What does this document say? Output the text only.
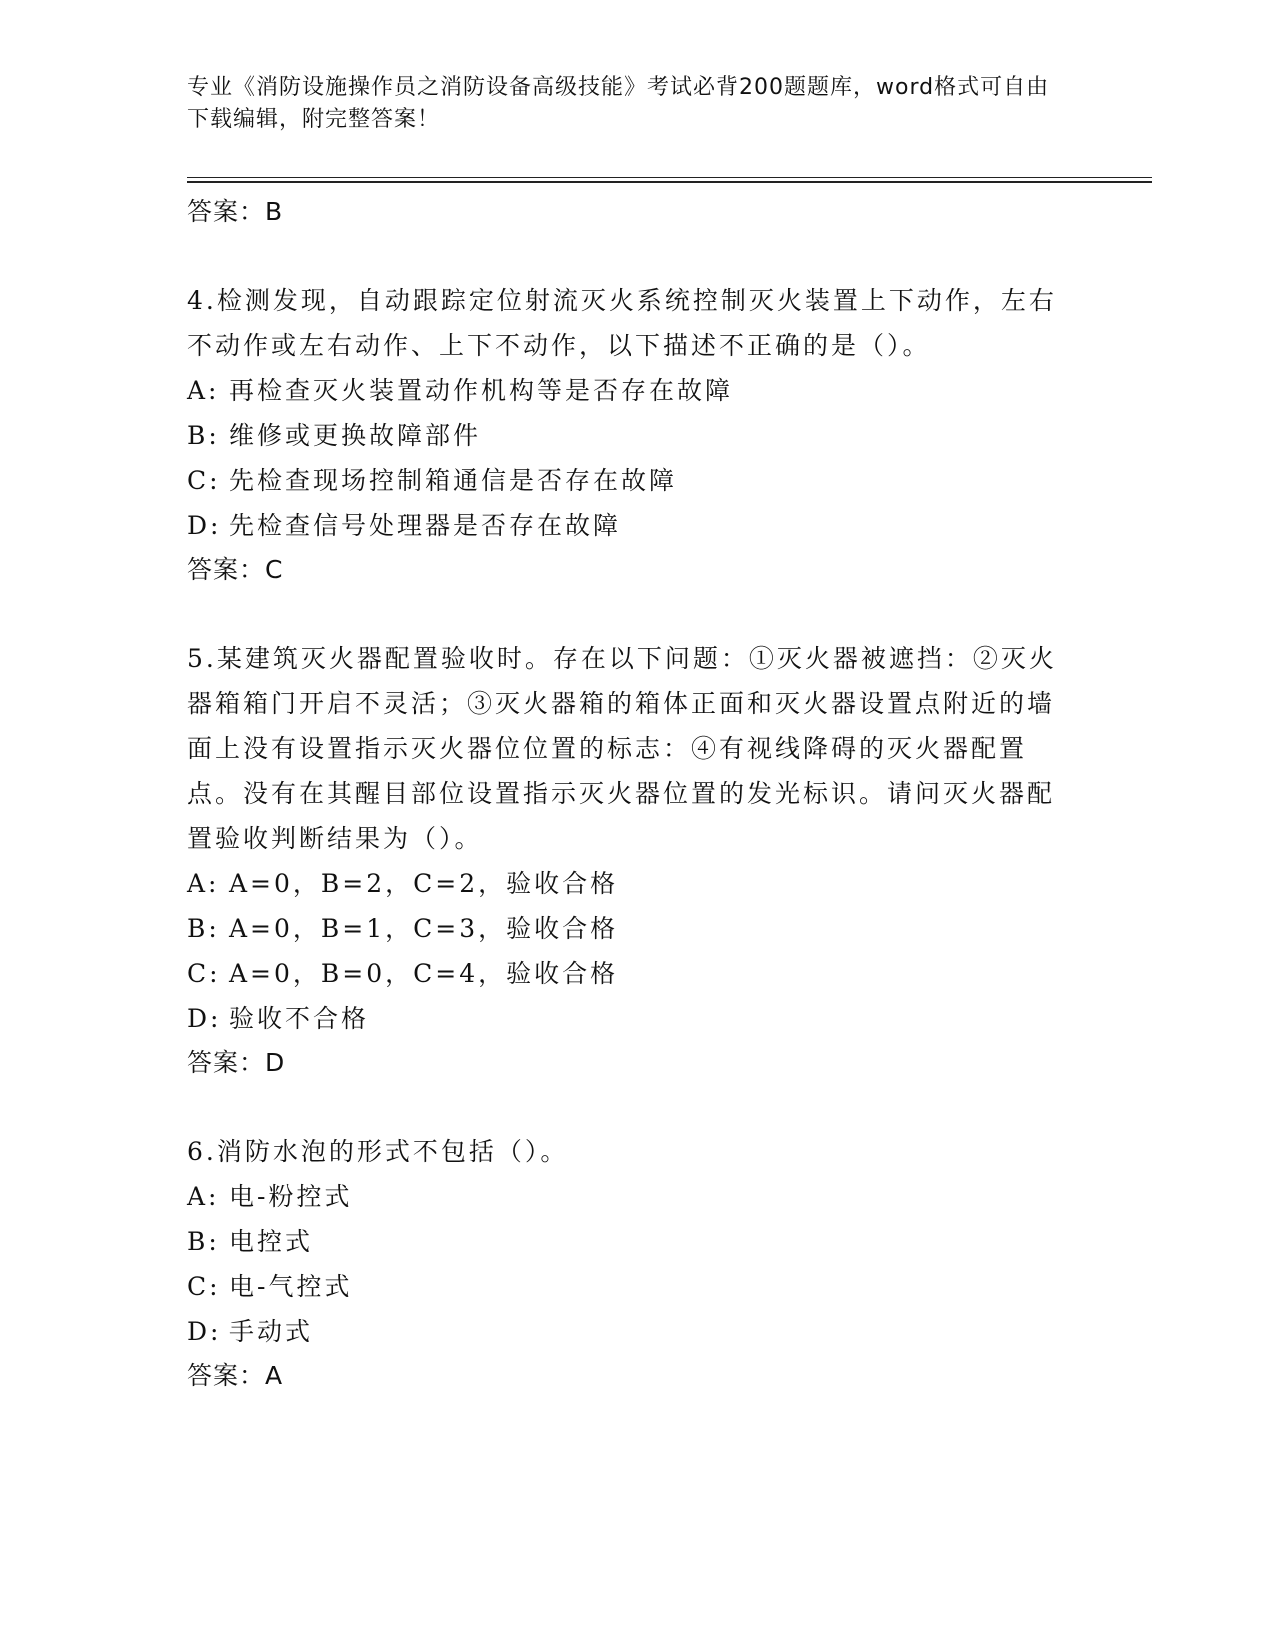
专业《消防设施操作员之消防设备高级技能》考试必背200题题库，word格式可自由下载编辑，附完整答案！
答案：B

4.检测发现，自动跟踪定位射流灭火系统控制灭火装置上下动作，左右不动作或左右动作、上下不动作，以下描述不正确的是（）。

A: 再检查灭火装置动作机构等是否存在故障
B: 维修或更换故障部件
C: 先检查现场控制箱通信是否存在故障
D: 先检查信号处理器是否存在故障
答案：C

5.某建筑灭火器配置验收时。存在以下问题：①灭火器被遮挡：②灭火器箱箱门开启不灵活；③灭火器箱的箱体正面和灭火器设置点附近的墙面上没有设置指示灭火器位位置的标志：④有视线降碍的灭火器配置点。没有在其醒目部位设置指示灭火器位置的发光标识。请问灭火器配置验收判断结果为（）。

A: A=0，B=2，C=2，验收合格
B: A=0，B=1，C=3，验收合格
C: A=0，B=0，C=4，验收合格
D: 验收不合格
答案：D

6.消防水泡的形式不包括（）。

A: 电-粉控式
B: 电控式
C: 电-气控式
D: 手动式
答案：A
